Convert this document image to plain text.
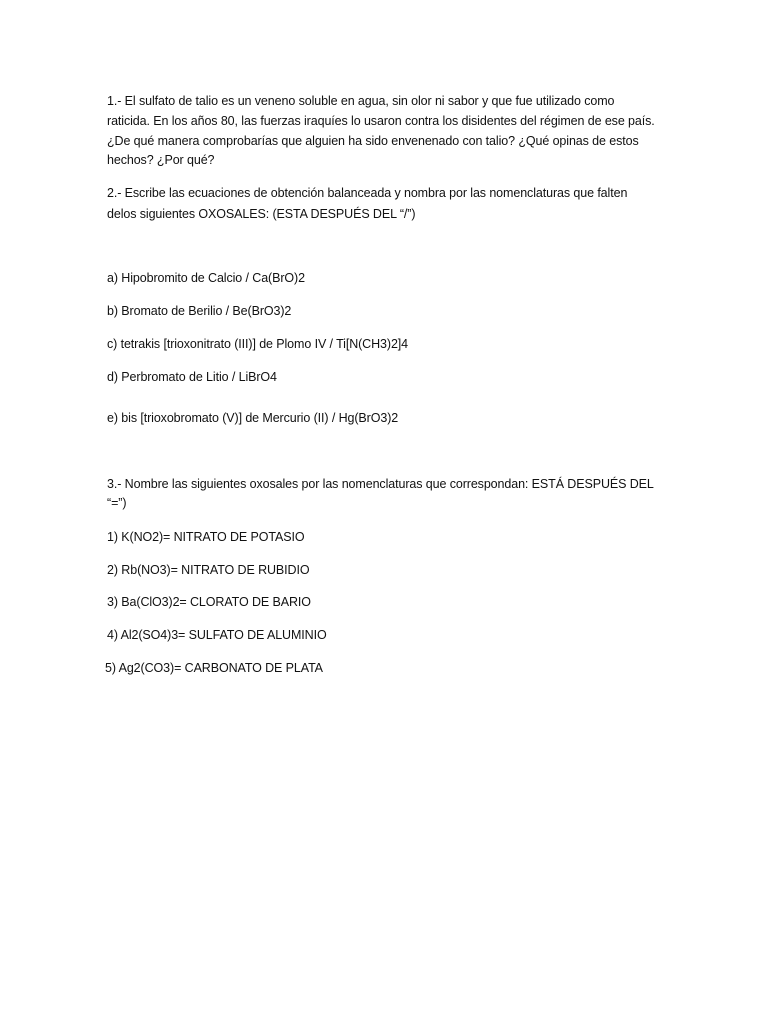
1.- El sulfato de talio es un veneno soluble en agua, sin olor ni sabor y que fue utilizado como
raticida. En los años 80, las fuerzas iraquíes lo usaron contra los disidentes del régimen de ese país.
¿De qué manera comprobarías que alguien ha sido envenenado con talio? ¿Qué opinas de estos
hechos? ¿Por qué?
2.- Escribe las ecuaciones de obtención balanceada y nombra por las nomenclaturas que falten
delos siguientes OXOSALES: (ESTA DESPUÉS DEL “/”)
a) Hipobromito de Calcio / Ca(BrO)2
b) Bromato de Berilio / Be(BrO3)2
c) tetrakis [trioxonitrato (III)] de Plomo IV / Ti[N(CH3)2]4
d) Perbromato de Litio / LiBrO4
e) bis [trioxobromato (V)] de Mercurio (II) / Hg(BrO3)2
3.- Nombre las siguientes oxosales por las nomenclaturas que correspondan: ESTÁ DESPUÉS DEL
“=”)
1) K(NO2)= NITRATO DE POTASIO
2) Rb(NO3)= NITRATO DE RUBIDIO
3) Ba(ClO3)2= CLORATO DE BARIO
4) Al2(SO4)3= SULFATO DE ALUMINIO
5) Ag2(CO3)= CARBONATO DE PLATA
